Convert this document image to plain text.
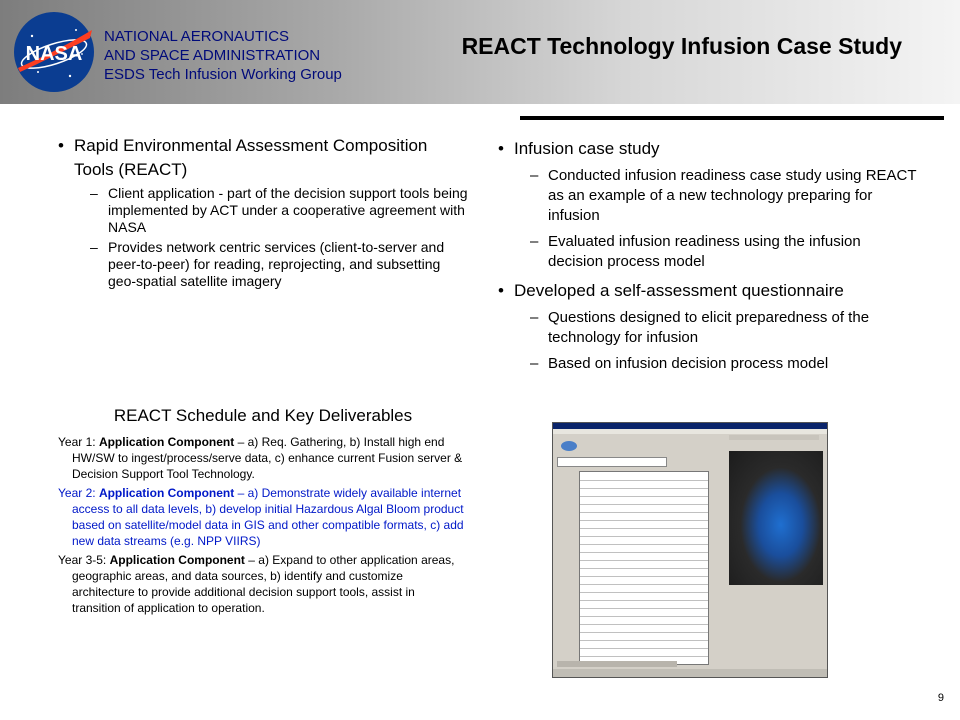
NASA
NATIONAL AERONAUTICS
AND SPACE ADMINISTRATION
ESDS Tech Infusion Working Group
REACT Technology Infusion Case Study
• Rapid Environmental Assessment Composition Tools (REACT)
– Client application - part of the decision support tools being implemented by ACT under a cooperative agreement with NASA
– Provides network centric services (client-to-server and peer-to-peer) for reading, reprojecting, and subsetting geo-spatial satellite imagery
• Infusion case study
– Conducted infusion readiness case study using REACT as an example of a new technology preparing for infusion
– Evaluated infusion readiness using the infusion decision process model
• Developed a self-assessment questionnaire
– Questions designed to elicit preparedness of the technology for infusion
– Based on infusion decision process model
REACT Schedule and Key Deliverables
Year 1: Application Component – a) Req. Gathering, b) Install high end HW/SW to ingest/process/serve data, c) enhance current Fusion server & Decision Support Tool Technology.
Year 2: Application Component – a) Demonstrate widely available internet access to all data levels, b) develop initial Hazardous Algal Bloom product based on satellite/model data in GIS and other compatible formats, c) add new data streams (e.g. NPP VIIRS)
Year 3-5: Application Component – a) Expand to other application areas, geographic areas, and data sources, b) identify and customize architecture to provide additional decision support tools, assist in transition of application to operation.
9
